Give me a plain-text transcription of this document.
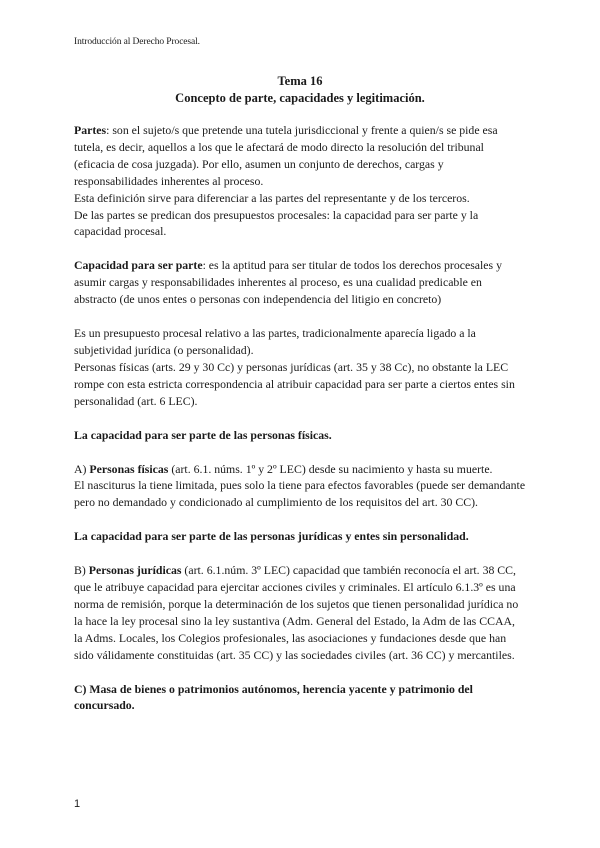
Introducción al Derecho Procesal.
Tema 16
Concepto de parte, capacidades y legitimación.

Partes: son el sujeto/s que pretende una tutela jurisdiccional y frente a quien/s se pide esa tutela, es decir, aquellos a los que le afectará de modo directo la resolución del tribunal (eficacia de cosa juzgada). Por ello, asumen un conjunto de derechos, cargas y responsabilidades inherentes al proceso.

Esta definición sirve para diferenciar a las partes del representante y de los terceros.

De las partes se predican dos presupuestos procesales: la capacidad para ser parte y la capacidad procesal.

Capacidad para ser parte: es la aptitud para ser titular de todos los derechos procesales y asumir cargas y responsabilidades inherentes al proceso, es una cualidad predicable en abstracto (de unos entes o personas con independencia del litigio en concreto)

Es un presupuesto procesal relativo a las partes, tradicionalmente aparecía ligado a la subjetividad jurídica (o personalidad).

Personas físicas (arts. 29 y 30 Cc) y personas jurídicas (art. 35 y 38 Cc), no obstante la LEC rompe con esta estricta correspondencia al atribuir capacidad para ser parte a ciertos entes sin personalidad (art. 6 LEC).

La capacidad para ser parte de las personas físicas.

A) Personas físicas (art. 6.1. núms. 1º y 2º LEC) desde su nacimiento y hasta su muerte.

El nasciturus la tiene limitada, pues solo la tiene para efectos favorables (puede ser demandante pero no demandado y condicionado al cumplimiento de los requisitos del art. 30 CC).

La capacidad para ser parte de las personas jurídicas y entes sin personalidad.

B) Personas jurídicas (art. 6.1.núm. 3º LEC) capacidad que también reconocía el art. 38 CC, que le atribuye capacidad para ejercitar acciones civiles y criminales. El artículo 6.1.3º es una norma de remisión, porque la determinación de los sujetos que tienen personalidad jurídica no la hace la ley procesal sino la ley sustantiva (Adm. General del Estado, la Adm de las CCAA, la Adms. Locales, los Colegios profesionales, las asociaciones y fundaciones desde que han sido válidamente constituidas (art. 35 CC) y las sociedades civiles (art. 36 CC) y mercantiles.

C) Masa de bienes o patrimonios autónomos, herencia yacente y patrimonio del concursado.

1
